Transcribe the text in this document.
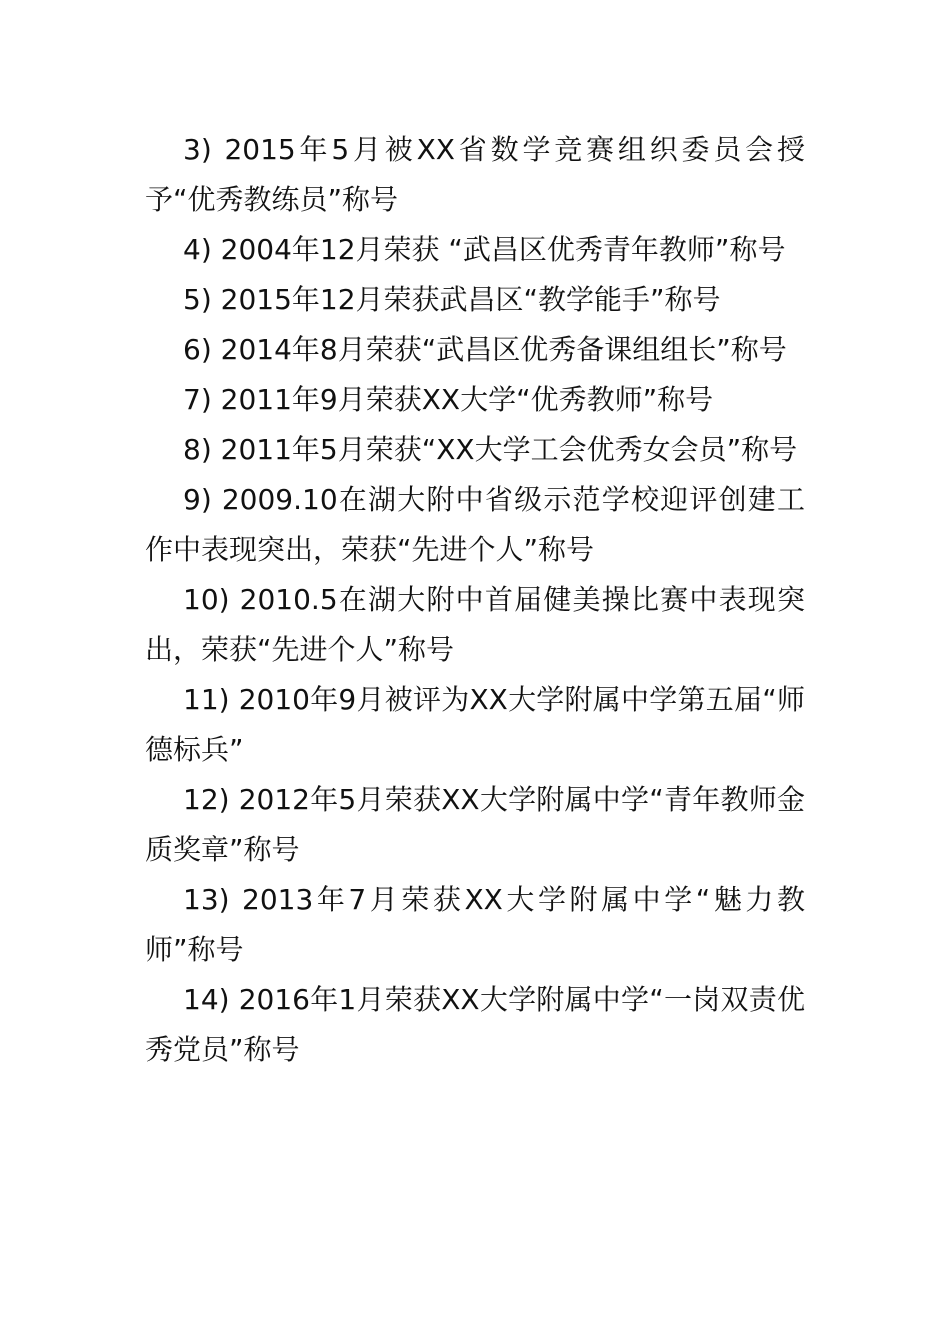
3) 2015年5月被XX省数学竞赛组织委员会授予“优秀教练员”称号

4) 2004年12月荣获 “武昌区优秀青年教师”称号

5) 2015年12月荣获武昌区“教学能手”称号

6) 2014年8月荣获“武昌区优秀备课组组长”称号

7) 2011年9月荣获XX大学“优秀教师”称号

8) 2011年5月荣获“XX大学工会优秀女会员”称号

9) 2009.10在湖大附中省级示范学校迎评创建工作中表现突出，荣获“先进个人”称号

10) 2010.5在湖大附中首届健美操比赛中表现突出，荣获“先进个人”称号

11) 2010年9月被评为XX大学附属中学第五届“师德标兵”

12) 2012年5月荣获XX大学附属中学“青年教师金质奖章”称号

13) 2013年7月荣获XX大学附属中学“魅力教师”称号

14) 2016年1月荣获XX大学附属中学“一岗双责优秀党员”称号
